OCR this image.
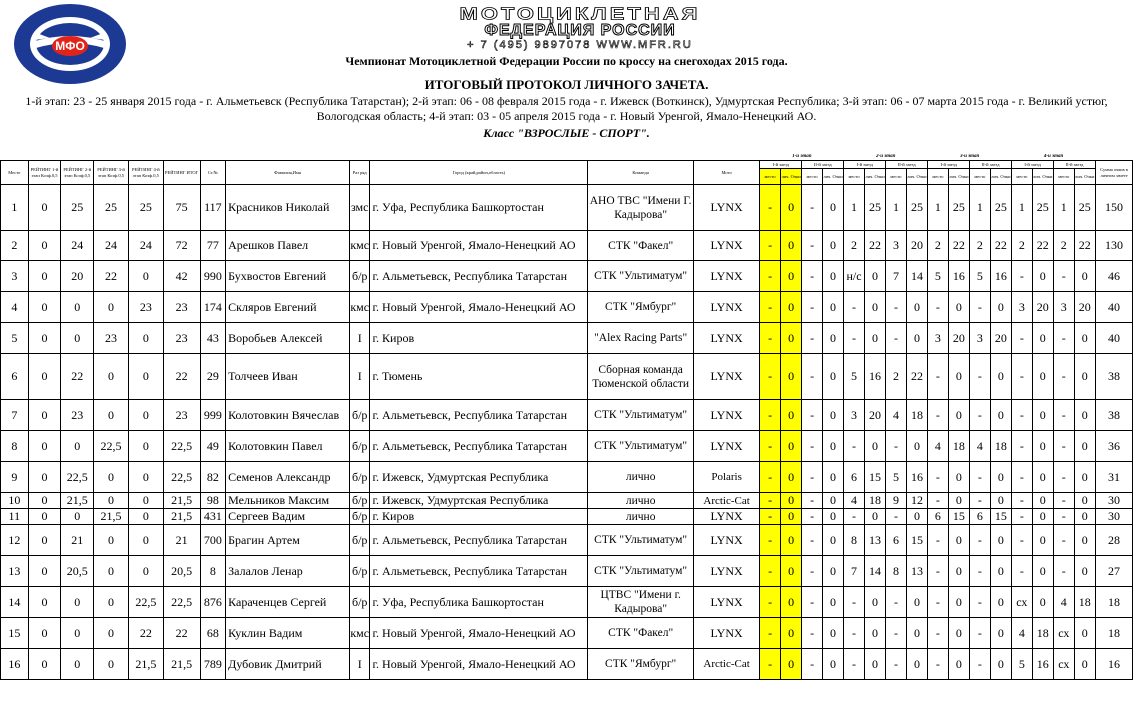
МФО
МОТОЦИКЛЕТНАЯ
ФЕДЕРАЦИЯ РОССИИ
+ 7 (495) 9897078 WWW.MFR.RU
Чемпионат Мотоциклетной Федерации России по кроссу на снегоходах 2015 года.
ИТОГОВЫЙ ПРОТОКОЛ ЛИЧНОГО ЗАЧЕТА.
1-й этап: 23 - 25 января 2015 года - г. Альметьевск (Республика Татарстан); 2-й этап: 06 - 08 февраля 2015 года - г. Ижевск (Воткинск), Удмуртская Республика; 3-й этап: 06 - 07 марта 2015 года - г. Великий устюг,
Вологодская область; 4-й этап: 03 - 05 апреля 2015 года - г. Новый Уренгой, Ямало-Ненецкий АО.
Класс "ВЗРОСЛЫЕ - СПОРТ".
												1-й этап				2-й этап				3-й этап				4-й этап				
Место	РЕЙТИНГ 1-й этап Коэф.0,5	РЕЙТИНГ 2-й этап Коэф.0,5	РЕЙТИНГ 3-й этап Коэф.0,5	РЕЙТИНГ 4-й этап Коэф.0,5	РЕЙТИНГ ИТОГ	Ст.№	Фамилия,Имя	Раз ряд	Город (край,район,область)	Команда	Мото	I-й заезд		II-й заезд		I-й заезд		II-й заезд		I-й заезд		II-й заезд		I-й заезд		II-й заезд		Сумма очков в личном зачете
												место	лич. Очки	место	лич. Очки	место	лич. Очки	место	лич. Очки	место	лич. Очки	место	лич. Очки	место	лич. Очки	место	лич. Очки	
1	0	25	25	25	75	117	Красников Николай	змс	г. Уфа, Республика Башкортостан	АНО ТВС "Имени Г. Кадырова"	LYNX	-	0	-	0	1	25	1	25	1	25	1	25	1	25	1	25	150
2	0	24	24	24	72	77	Арешков Павел	кмс	г. Новый Уренгой, Ямало-Ненецкий АО	СТК "Факел"	LYNX	-	0	-	0	2	22	3	20	2	22	2	22	2	22	2	22	130
3	0	20	22	0	42	990	Бухвостов Евгений	б/р	г. Альметьевск, Республика Татарстан	СТК "Ультиматум"	LYNX	-	0	-	0	н/с	0	7	14	5	16	5	16	-	0	-	0	46
4	0	0	0	23	23	174	Скляров Евгений	кмс	г. Новый Уренгой, Ямало-Ненецкий АО	СТК "Ямбург"	LYNX	-	0	-	0	-	0	-	0	-	0	-	0	3	20	3	20	40
5	0	0	23	0	23	43	Воробьев Алексей	I	г. Киров	"Alex Racing Parts"	LYNX	-	0	-	0	-	0	-	0	3	20	3	20	-	0	-	0	40
6	0	22	0	0	22	29	Толчеев Иван	I	г. Тюмень	Сборная команда Тюменской области	LYNX	-	0	-	0	5	16	2	22	-	0	-	0	-	0	-	0	38
7	0	23	0	0	23	999	Колотовкин Вячеслав	б/р	г. Альметьевск, Республика Татарстан	СТК "Ультиматум"	LYNX	-	0	-	0	3	20	4	18	-	0	-	0	-	0	-	0	38
8	0	0	22,5	0	22,5	49	Колотовкин Павел	б/р	г. Альметьевск, Республика Татарстан	СТК "Ультиматум"	LYNX	-	0	-	0	-	0	-	0	4	18	4	18	-	0	-	0	36
9	0	22,5	0	0	22,5	82	Семенов Александр	б/р	г. Ижевск, Удмуртская Республика	лично	Polaris	-	0	-	0	6	15	5	16	-	0	-	0	-	0	-	0	31
10	0	21,5	0	0	21,5	98	Мельников Максим	б/р	г. Ижевск, Удмуртская Республика	лично	Arctic-Cat	-	0	-	0	4	18	9	12	-	0	-	0	-	0	-	0	30
11	0	0	21,5	0	21,5	431	Сергеев Вадим	б/р	г. Киров	лично	LYNX	-	0	-	0	-	0	-	0	6	15	6	15	-	0	-	0	30
12	0	21	0	0	21	700	Брагин Артем	б/р	г. Альметьевск, Республика Татарстан	СТК "Ультиматум"	LYNX	-	0	-	0	8	13	6	15	-	0	-	0	-	0	-	0	28
13	0	20,5	0	0	20,5	8	Залалов Ленар	б/р	г. Альметьевск, Республика Татарстан	СТК "Ультиматум"	LYNX	-	0	-	0	7	14	8	13	-	0	-	0	-	0	-	0	27
14	0	0	0	22,5	22,5	876	Караченцев Сергей	б/р	г. Уфа, Республика Башкортостан	ЦТВС "Имени г. Кадырова"	LYNX	-	0	-	0	-	0	-	0	-	0	-	0	сх	0	4	18	18
15	0	0	0	22	22	68	Куклин Вадим	кмс	г. Новый Уренгой, Ямало-Ненецкий АО	СТК "Факел"	LYNX	-	0	-	0	-	0	-	0	-	0	-	0	4	18	сх	0	18
16	0	0	0	21,5	21,5	789	Дубовик Дмитрий	I	г. Новый Уренгой, Ямало-Ненецкий АО	СТК "Ямбург"	Arctic-Cat	-	0	-	0	-	0	-	0	-	0	-	0	5	16	сх	0	16
